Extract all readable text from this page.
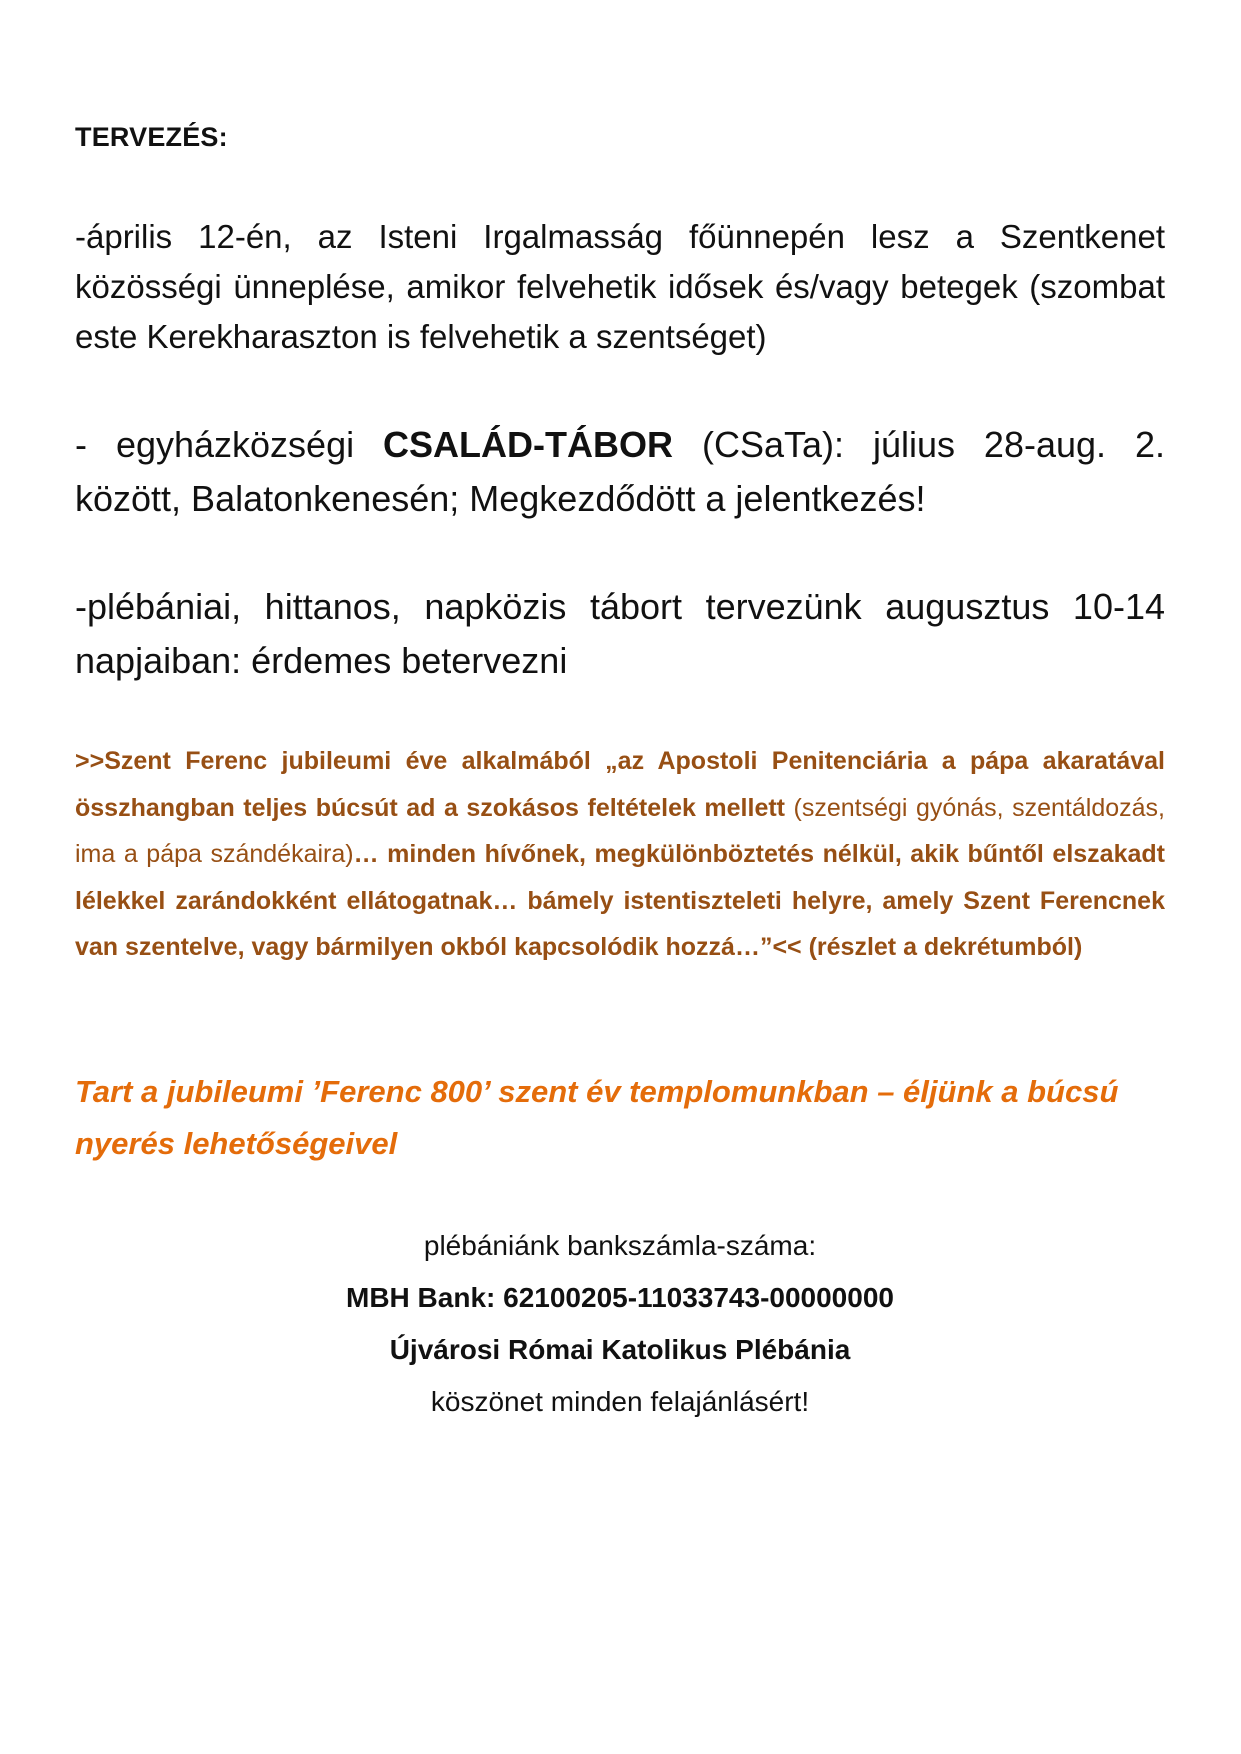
TERVEZÉS:
-április 12-én, az Isteni Irgalmasság főünnepén lesz a Szentkenet közösségi ünneplése, amikor felvehetik idősek és/vagy betegek (szombat este Kerekharaszton is felvehetik a szentséget)
- egyházközségi CSALÁD-TÁBOR (CSaTa): július 28-aug. 2. között, Balatonkenesén; Megkezdődött a jelentkezés!
-plébániai, hittanos, napközis tábort tervezünk augusztus 10-14 napjaiban: érdemes betervezni
>>Szent Ferenc jubileumi éve alkalmából „az Apostoli Penitenciária a pápa akaratával összhangban teljes búcsút ad a szokásos feltételek mellett (szentségi gyónás, szentáldozás, ima a pápa szándékaira)… minden hívőnek, megkülönböztetés nélkül, akik bűntől elszakadt lélekkel zarándokként ellátogatnak… bámely istentiszteleti helyre, amely Szent Ferencnek van szentelve, vagy bármilyen okból kapcsolódik hozzá…”<< (részlet a dekrétumból)
Tart a jubileumi ’Ferenc 800’ szent év templomunkban – éljünk a búcsú nyerés lehetőségeivel
plébániánk bankszámla-száma:
MBH Bank: 62100205-11033743-00000000
Újvárosi Római Katolikus Plébánia
köszönet minden felajánlásért!
